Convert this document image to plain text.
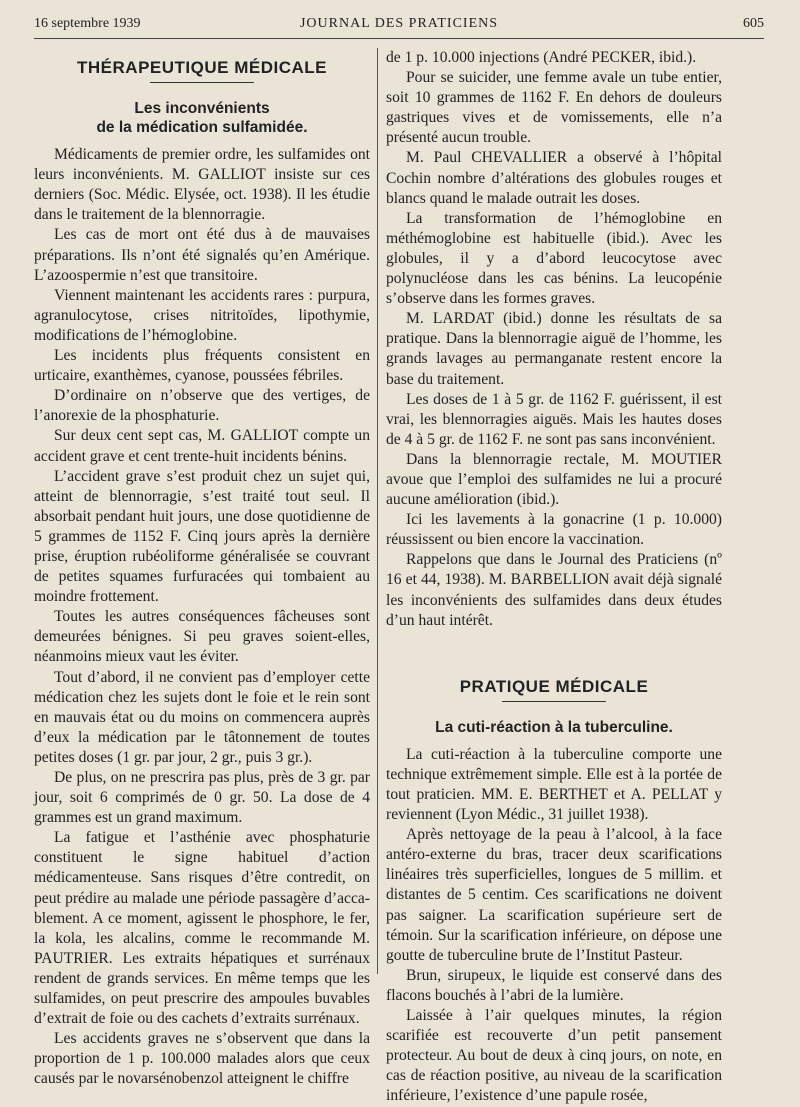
16 septembre 1939	JOURNAL DES PRATICIENS	605
THÉRAPEUTIQUE MÉDICALE
Les inconvénients
de la médication sulfamidée.

Médicaments de premier ordre, les sulfamides ont leurs inconvénients. M. GALLIOT insiste sur ces derniers (Soc. Médic. Elysée, oct. 1938). Il les étudie dans le traitement de la blennorragie.

Les cas de mort ont été dus à de mauvaises préparations. Ils n’ont été signalés qu’en Amérique. L’azoospermie n’est que transitoire.

Viennent maintenant les accidents rares : purpura, agranulocytose, crises nitritoïdes, lipothymie, modifications de l’hémoglobine.

Les incidents plus fréquents consistent en urticaire, exanthèmes, cyanose, poussées fébriles.

D’ordinaire on n’observe que des vertiges, de l’anorexie de la phosphaturie.

Sur deux cent sept cas, M. GALLIOT compte un accident grave et cent trente-huit incidents bénins.

L’accident grave s’est produit chez un sujet qui, atteint de blennorragie, s’est traité tout seul. Il absorbait pendant huit jours, une dose quotidienne de 5 grammes de 1152 F. Cinq jours après la dernière prise, éruption rubéoliforme généralisée se couvrant de petites squames furfuracées qui tombaient au moindre frottement.

Toutes les autres conséquences fâcheuses sont demeurées bénignes. Si peu graves soient-elles, néanmoins mieux vaut les éviter.

Tout d’abord, il ne convient pas d’employer cette médication chez les sujets dont le foie et le rein sont en mauvais état ou du moins on commencera auprès d’eux la médication par le tâtonnement de toutes petites doses (1 gr. par jour, 2 gr., puis 3 gr.).

De plus, on ne prescrira pas plus, près de 3 gr. par jour, soit 6 comprimés de 0 gr. 50. La dose de 4 grammes est un grand maximum.

La fatigue et l’asthénie avec phosphaturie constituent le signe habituel d’action médicamenteuse. Sans risques d’être contredit, on peut prédire au malade une période passagère d’acca-blement. A ce moment, agissent le phosphore, le fer, la kola, les alcalins, comme le recommande M. PAUTRIER. Les extraits hépatiques et surrénaux rendent de grands services. En même temps que les sulfamides, on peut prescrire des ampoules buvables d’extrait de foie ou des cachets d’extraits surrénaux.

Les accidents graves ne s’observent que dans la proportion de 1 p. 100.000 malades alors que ceux causés par le novarsénobenzol atteignent le chiffre

de 1 p. 10.000 injections (André PECKER, ibid.).

Pour se suicider, une femme avale un tube entier, soit 10 grammes de 1162 F. En dehors de douleurs gastriques vives et de vomissements, elle n’a présenté aucun trouble.

M. Paul CHEVALLIER a observé à l’hôpital Cochin nombre d’altérations des globules rouges et blancs quand le malade outrait les doses.

La transformation de l’hémoglobine en méthémoglobine est habituelle (ibid.). Avec les globules, il y a d’abord leucocytose avec polynucléose dans les cas bénins. La leucopénie s’observe dans les formes graves.

M. LARDAT (ibid.) donne les résultats de sa pratique. Dans la blennorragie aiguë de l’homme, les grands lavages au permanganate restent encore la base du traitement.

Les doses de 1 à 5 gr. de 1162 F. guérissent, il est vrai, les blennorragies aiguës. Mais les hautes doses de 4 à 5 gr. de 1162 F. ne sont pas sans inconvénient.

Dans la blennorragie rectale, M. MOUTIER avoue que l’emploi des sulfamides ne lui a procuré aucune amélioration (ibid.).

Ici les lavements à la gonacrine (1 p. 10.000) réussissent ou bien encore la vaccination.

Rappelons que dans le Journal des Praticiens (nº 16 et 44, 1938). M. BARBELLION avait déjà signalé les inconvénients des sulfamides dans deux études d’un haut intérêt.

PRATIQUE MÉDICALE
La cuti-réaction à la tuberculine.

La cuti-réaction à la tuberculine comporte une technique extrêmement simple. Elle est à la portée de tout praticien. MM. E. BERTHET et A. PELLAT y reviennent (Lyon Médic., 31 juillet 1938).

Après nettoyage de la peau à l’alcool, à la face antéro-externe du bras, tracer deux scarifications linéaires très superficielles, longues de 5 millim. et distantes de 5 centim. Ces scarifications ne doivent pas saigner. La scarification supérieure sert de témoin. Sur la scarification inférieure, on dépose une goutte de tuberculine brute de l’Institut Pasteur.

Brun, sirupeux, le liquide est conservé dans des flacons bouchés à l’abri de la lumière.

Laissée à l’air quelques minutes, la région scarifiée est recouverte d’un petit pansement protecteur. Au bout de deux à cinq jours, on note, en cas de réaction positive, au niveau de la scarification inférieure, l’existence d’une papule rosée,
